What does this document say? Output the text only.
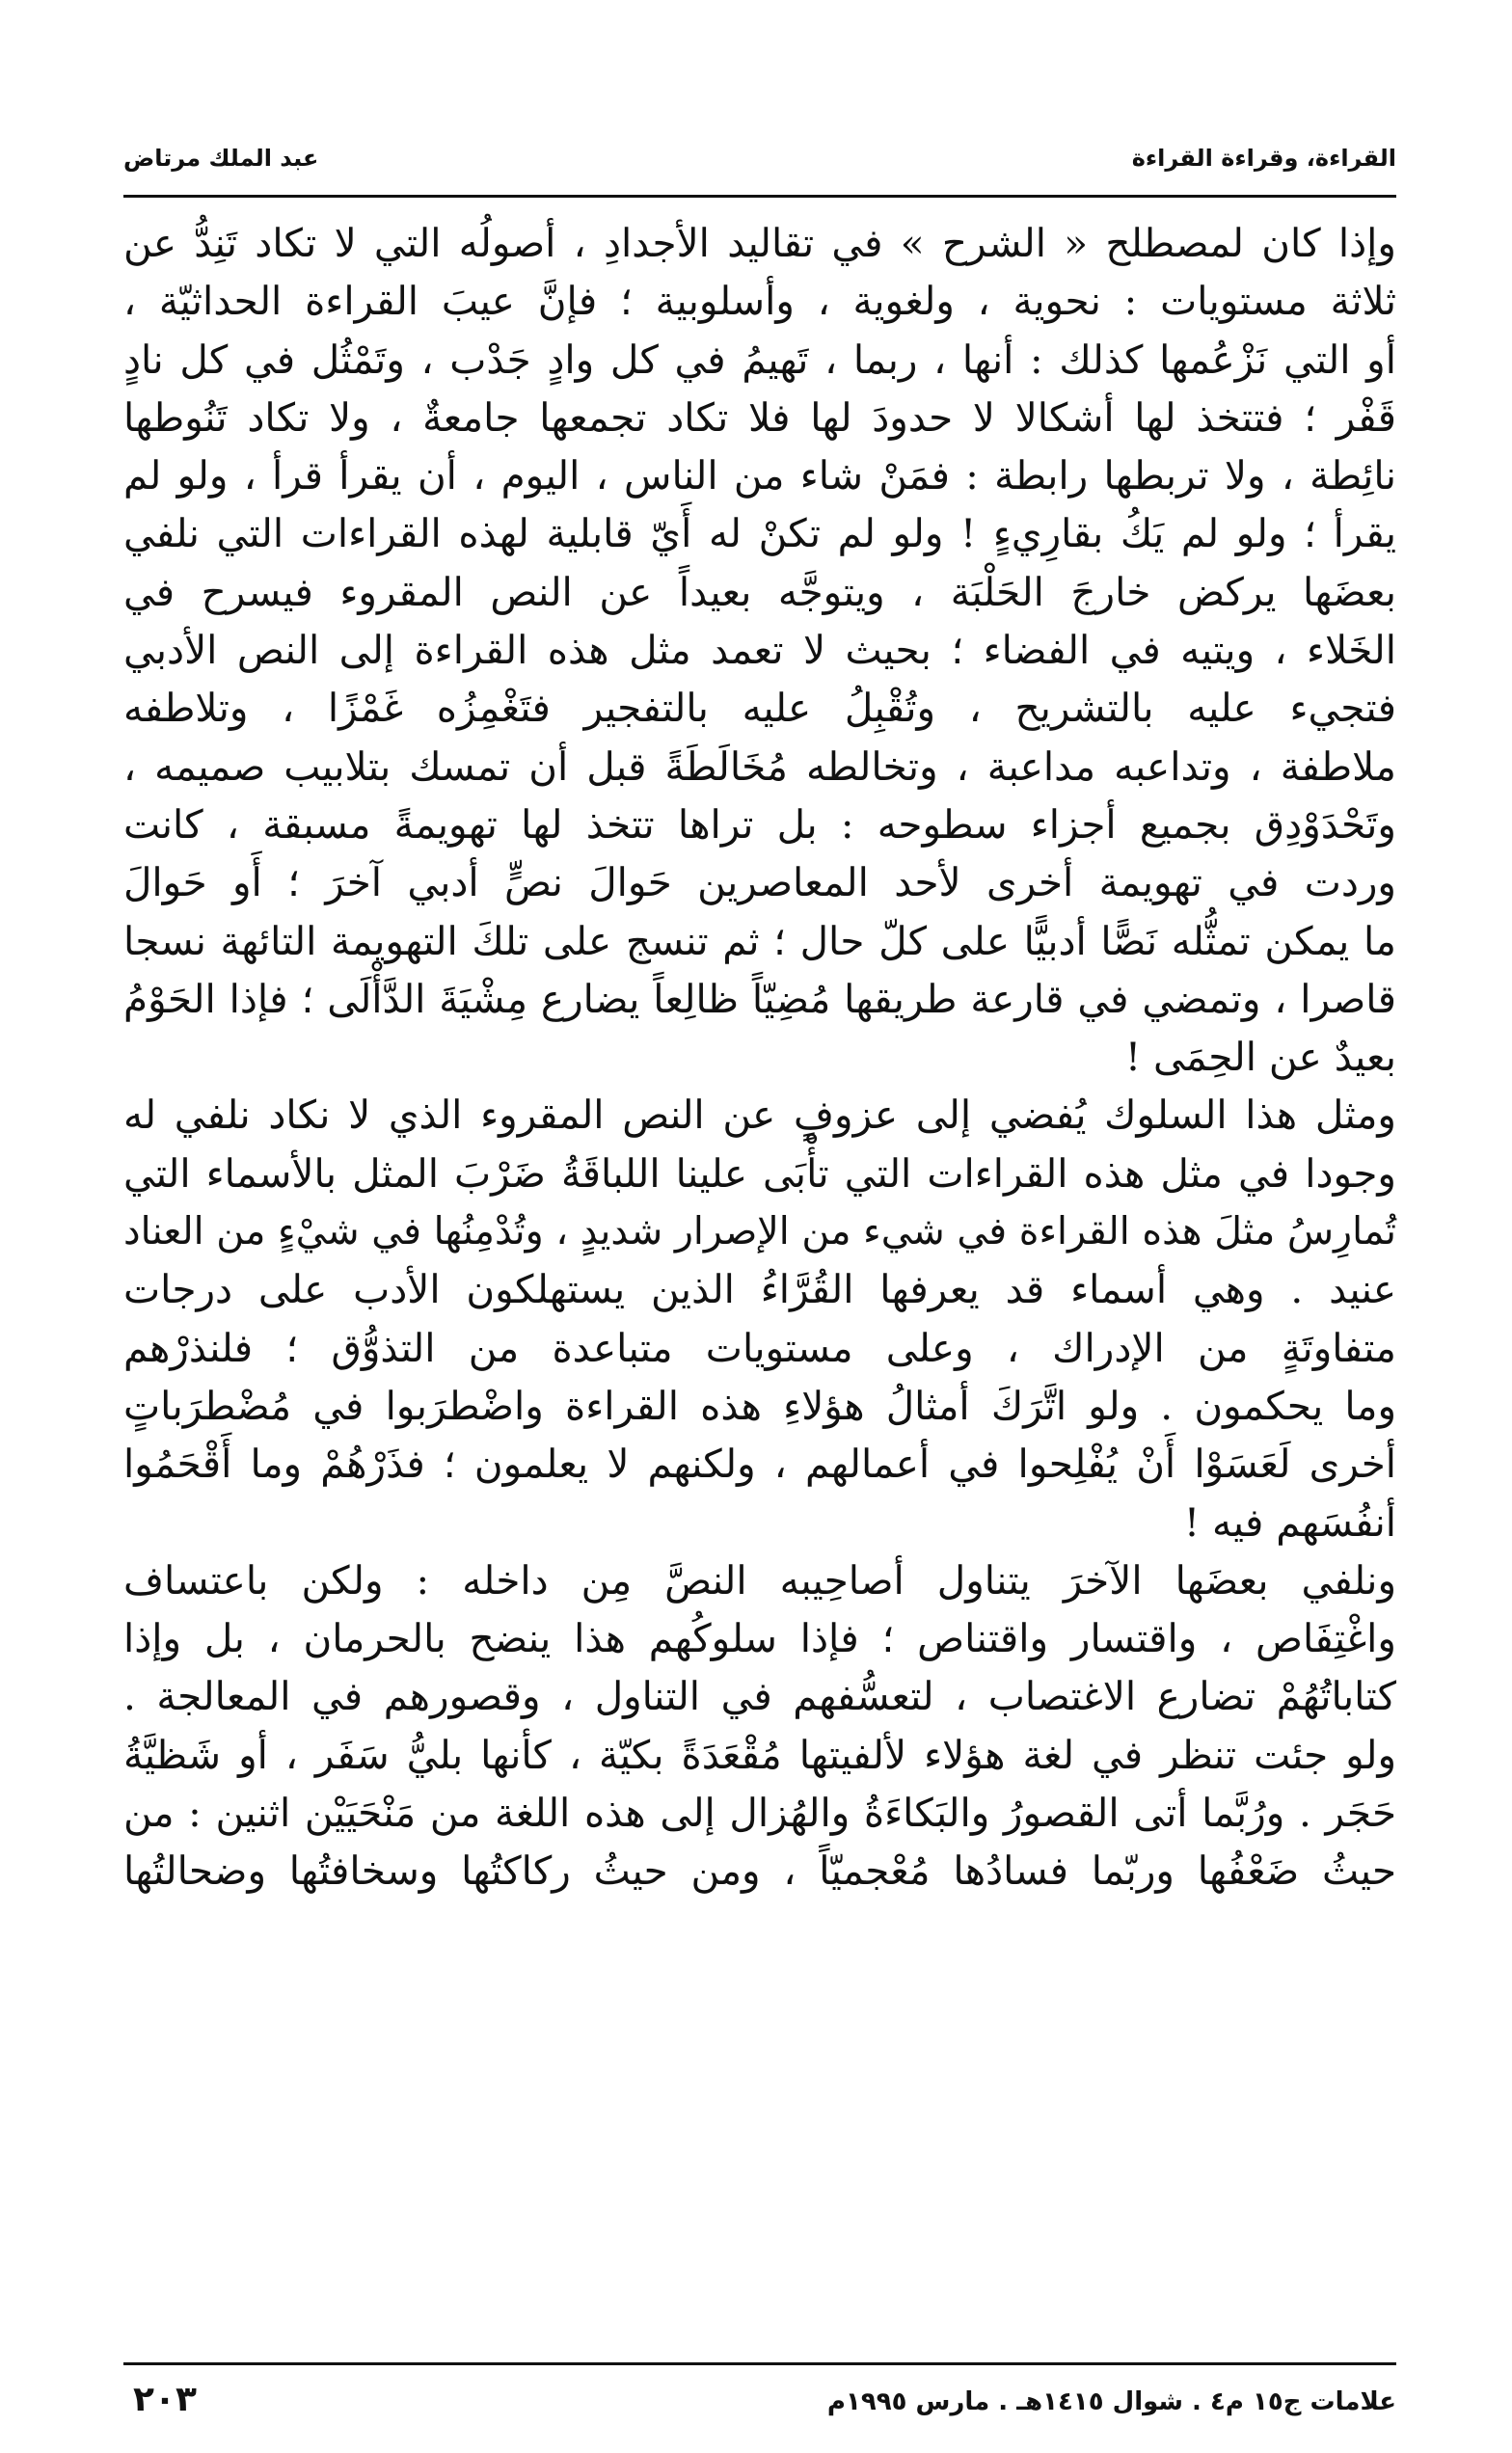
القراءة، وقراءة القراءة
عبد الملك مرتاض
وإذا كان لمصطلح « الشرح » في تقاليد الأجدادِ ، أصولُه التي لا تكاد تَنِدُّ عن
ثلاثة مستويات : نحوية ، ولغوية ، وأسلوبية ؛ فإنَّ عيبَ القراءة الحداثيّة ،
أو التي نَزْعُمها كذلك : أنها ، ربما ، تَهيمُ في كل وادٍ جَدْب ، وتَمْثُل في كل نادٍ
قَفْر ؛ فتتخذ لها أشكالا لا حدودَ لها فلا تكاد تجمعها جامعةٌ ، ولا تكاد تَنُوطها
نائِطة ، ولا تربطها رابطة : فمَنْ شاء من الناس ، اليوم ، أن يقرأ قرأ ، ولو لم
يقرأ ؛ ولو لم يَكُ بقارِيءٍ ! ولو لم تكنْ له أَيّ قابلية لهذه القراءات التي نلفي
بعضَها يركض خارجَ الحَلْبَة ، ويتوجَّه بعيداً عن النص المقروء فيسرح في
الخَلاء ، ويتيه في الفضاء ؛ بحيث لا تعمد مثل هذه القراءة إلى النص الأدبي
فتجيء عليه بالتشريح ، وتُقْبِلُ عليه بالتفجير فتَغْمِزُه غَمْزًا ، وتلاطفه
ملاطفة ، وتداعبه مداعبة ، وتخالطه مُخَالَطَةً قبل أن تمسك بتلابيب صميمه ،
وتَحْدَوْدِق بجميع أجزاء سطوحه : بل تراها تتخذ لها تهويمةً مسبقة ، كانت
وردت في تهويمة أخرى لأحد المعاصرين حَوالَ نصٍّ أدبي آخرَ ؛ أَو حَوالَ
ما يمكن تمثُّله نَصًّا أدبيًّا على كلّ حال ؛ ثم تنسج على تلكَ التهويمة التائهة نسجا
قاصرا ، وتمضي في قارعة طريقها مُضِيّاً ظالِعاً يضارع مِشْيَةَ الدَّأْلَى ؛ فإذا الحَوْمُ
بعيدٌ عن الحِمَى !
ومثل هذا السلوك يُفضي إلى عزوفٍ عن النص المقروء الذي لا نكاد نلفي له
وجودا في مثل هذه القراءات التي تأْبَى علينا اللباقَةُ ضَرْبَ المثل بالأسماء التي
تُمارِسُ مثلَ هذه القراءة في شيء من الإصرار شديدٍ ، وتُدْمِنُها في شيْءٍ من العناد
عنيد . وهي أسماء قد يعرفها القُرَّاءُ الذين يستهلكون الأدب على درجات
متفاوتَةٍ من الإدراك ، وعلى مستويات متباعدة من التذوُّق ؛ فلنذرْهم
وما يحكمون . ولو اتَّرَكَ أمثالُ هؤلاءِ هذه القراءة واضْطرَبوا في مُضْطرَباتٍ
أخرى لَعَسَوْا أَنْ يُفْلِحوا في أعمالهم ، ولكنهم لا يعلمون ؛ فذَرْهُمْ وما أَقْحَمُوا
أنفُسَهم فيه !
ونلفي بعضَها الآخرَ يتناول أصاحِيبه النصَّ مِن داخله : ولكن باعتساف
واغْتِفَاص ، واقتسار واقتناص ؛ فإذا سلوكُهم هذا ينضح بالحرمان ، بل وإذا
كتاباتُهُمْ تضارع الاغتصاب ، لتعسُّفهم في التناول ، وقصورهم في المعالجة .
ولو جئت تنظر في لغة هؤلاء لألفيتها مُقْعَدَةً بكيّة ، كأنها بليُّ سَفَر ، أو شَظيَّةُ
حَجَر . ورُبَّما أتى القصورُ والبَكاءَةُ والهُزال إلى هذه اللغة من مَنْحَيَيْن اثنين : من
حيثُ ضَعْفُها وربّما فسادُها مُعْجميّاً ، ومن حيثُ ركاكتُها وسخافتُها وضحالتُها
علامات ج١٥ م٤ . شوال ١٤١٥هـ . مارس ١٩٩٥م
٢٠٣
